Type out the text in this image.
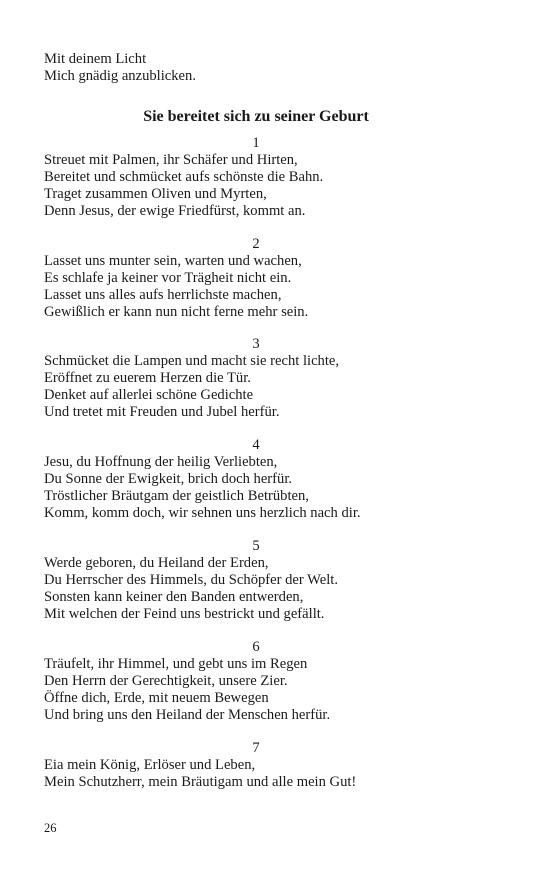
Mit deinem Licht
Mich gnädig anzublicken.
Sie bereitet sich zu seiner Geburt
1
Streuet mit Palmen, ihr Schäfer und Hirten,
Bereitet und schmücket aufs schönste die Bahn.
Traget zusammen Oliven und Myrten,
Denn Jesus, der ewige Friedfürst, kommt an.
2
Lasset uns munter sein, warten und wachen,
Es schlafe ja keiner vor Trägheit nicht ein.
Lasset uns alles aufs herrlichste machen,
Gewißlich er kann nun nicht ferne mehr sein.
3
Schmücket die Lampen und macht sie recht lichte,
Eröffnet zu euerem Herzen die Tür.
Denket auf allerlei schöne Gedichte
Und tretet mit Freuden und Jubel herfür.
4
Jesu, du Hoffnung der heilig Verliebten,
Du Sonne der Ewigkeit, brich doch herfür.
Tröstlicher Bräutgam der geistlich Betrübten,
Komm, komm doch, wir sehnen uns herzlich nach dir.
5
Werde geboren, du Heiland der Erden,
Du Herrscher des Himmels, du Schöpfer der Welt.
Sonsten kann keiner den Banden entwerden,
Mit welchen der Feind uns bestrickt und gefällt.
6
Träufelt, ihr Himmel, und gebt uns im Regen
Den Herrn der Gerechtigkeit, unsere Zier.
Öffne dich, Erde, mit neuem Bewegen
Und bring uns den Heiland der Menschen herfür.
7
Eia mein König, Erlöser und Leben,
Mein Schutzherr, mein Bräutigam und alle mein Gut!
26
